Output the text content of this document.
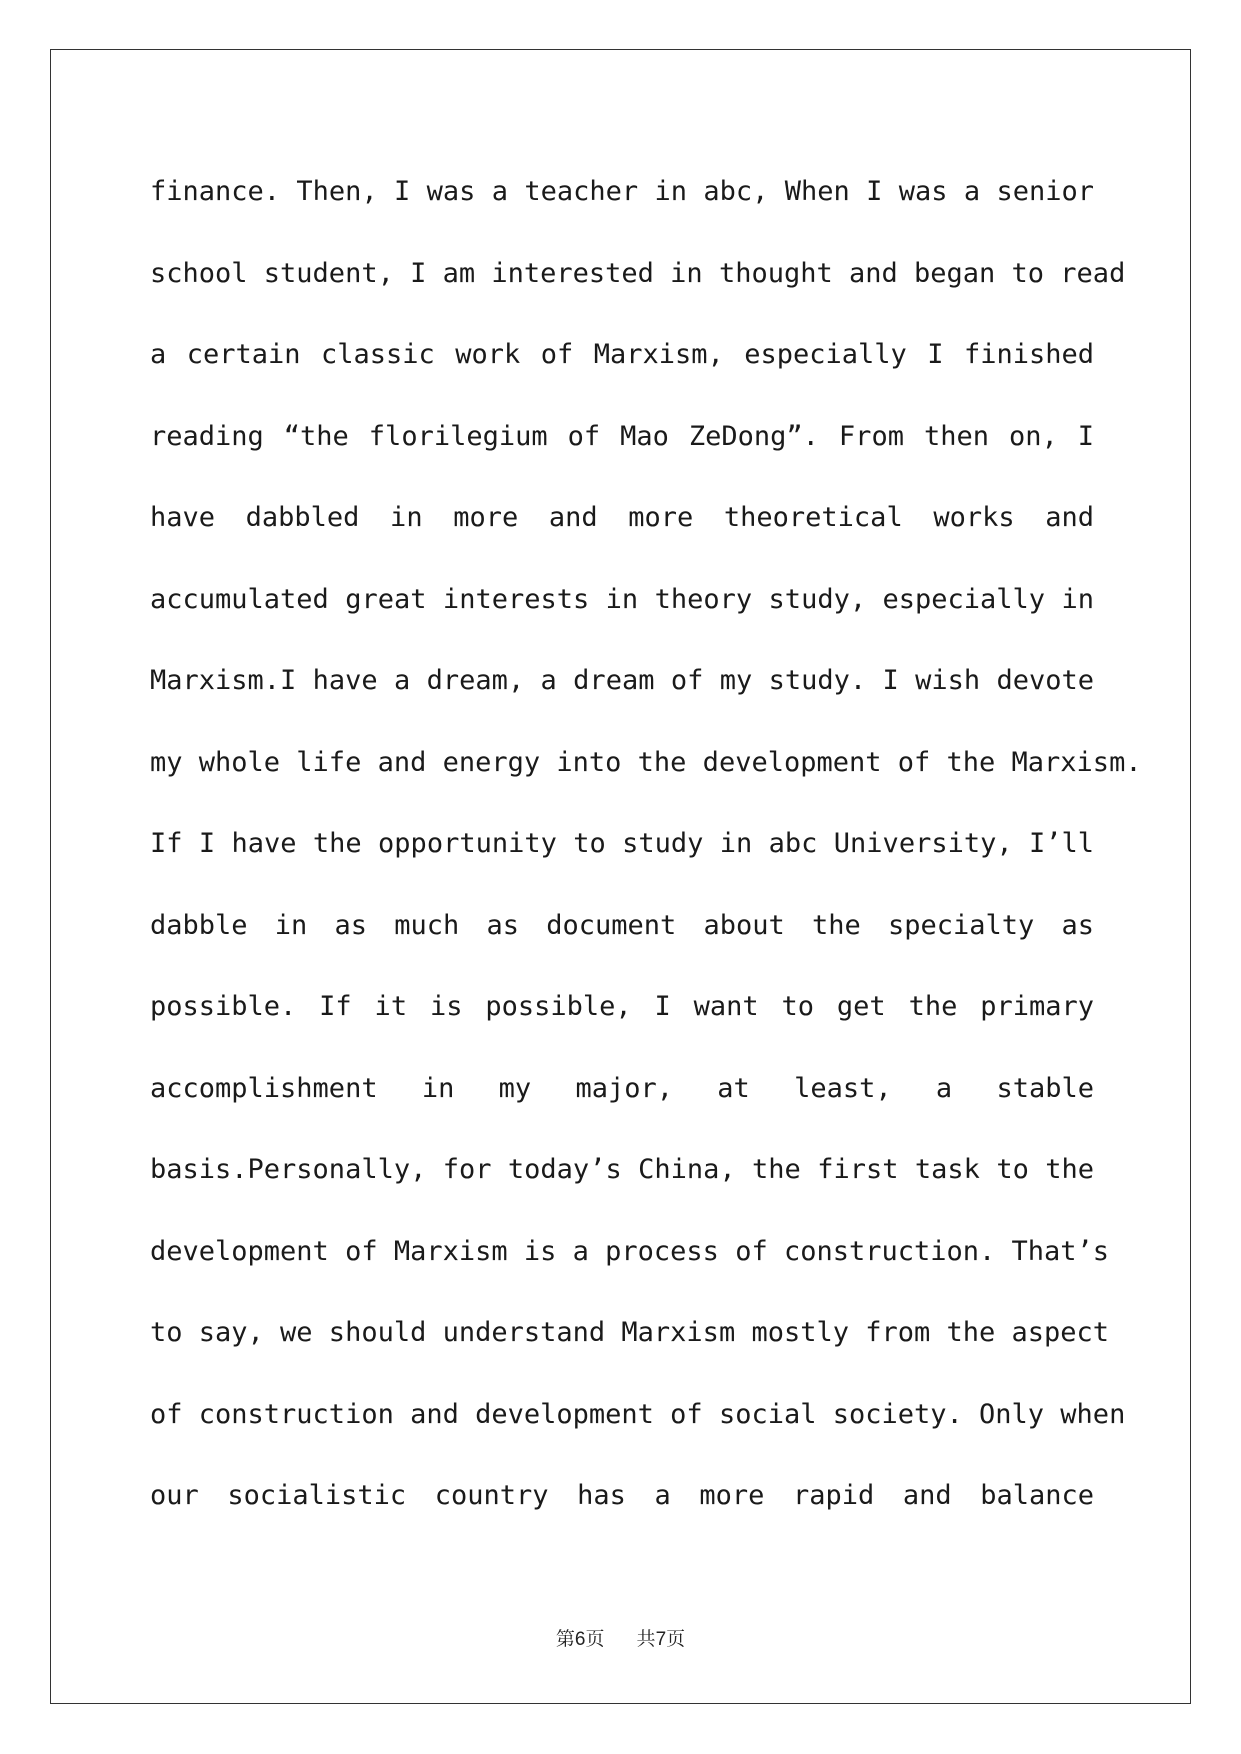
finance. Then, I was a teacher in abc, When I was a senior
school student, I am interested in thought and began to read
a certain classic work of Marxism, especially I finished
reading “the florilegium of Mao ZeDong”. From then on, I
have dabbled in more and more theoretical works and
accumulated great interests in theory study, especially in
Marxism.I have a dream, a dream of my study. I wish devote
my whole life and energy into the development of the Marxism.
If I have the opportunity to study in abc University, I’ll
dabble in as much as document about the specialty as
possible. If it is possible, I want to get the primary
accomplishment in my major, at least, a stable
basis.Personally, for today’s China, the first task to the
development of Marxism is a process of construction. That’s
to say, we should understand Marxism mostly from the aspect
of construction and development of social society. Only when
our socialistic country has a more rapid and balance
第6页 共7页
